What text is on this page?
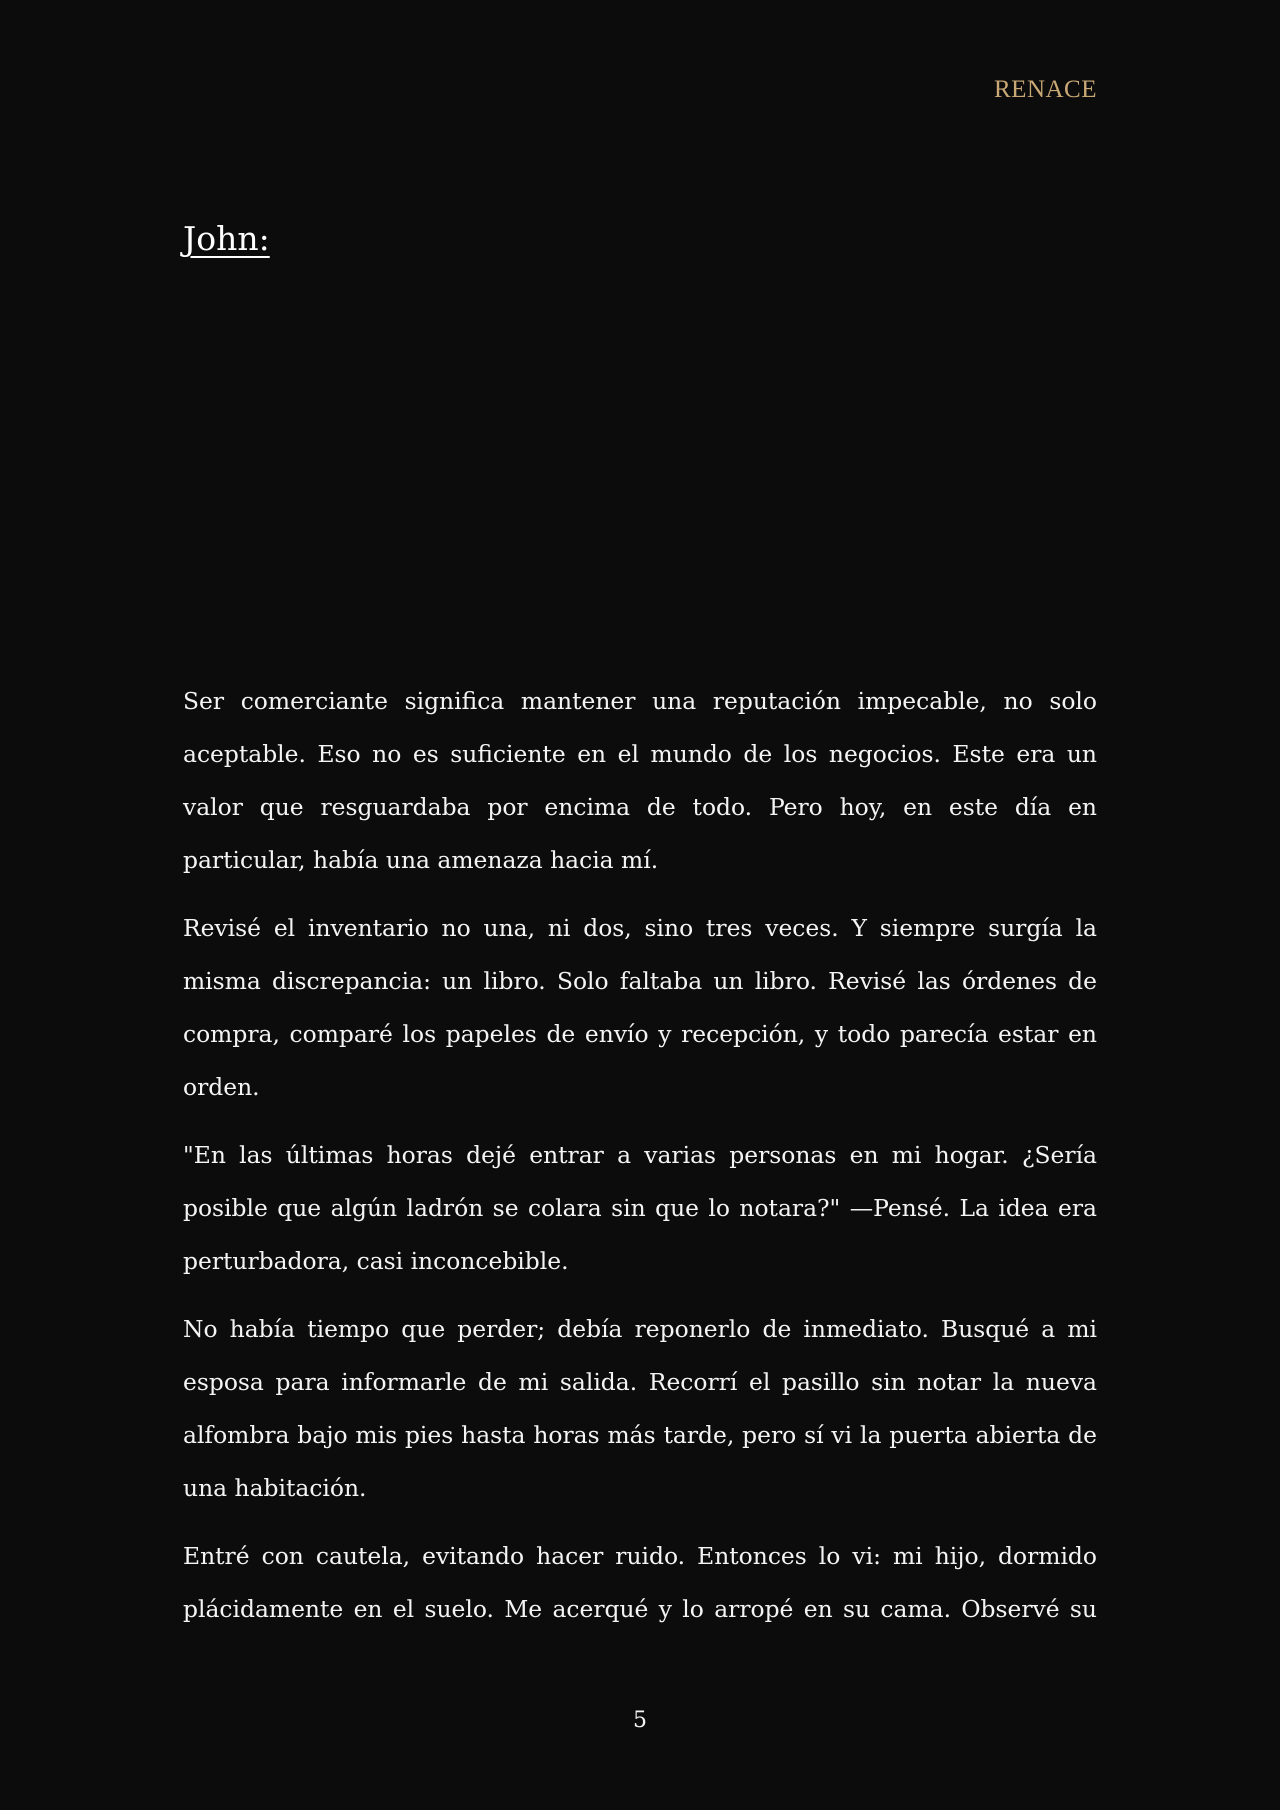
RENACE
John:

Ser comerciante significa mantener una reputación impecable, no solo aceptable. Eso no es suficiente en el mundo de los negocios. Este era un valor que resguardaba por encima de todo. Pero hoy, en este día en particular, había una amenaza hacia mí.

Revisé el inventario no una, ni dos, sino tres veces. Y siempre surgía la misma discrepancia: un libro. Solo faltaba un libro. Revisé las órdenes de compra, comparé los papeles de envío y recepción, y todo parecía estar en orden.

"En las últimas horas dejé entrar a varias personas en mi hogar. ¿Sería posible que algún ladrón se colara sin que lo notara?" —Pensé. La idea era perturbadora, casi inconcebible.

No había tiempo que perder; debía reponerlo de inmediato. Busqué a mi esposa para informarle de mi salida. Recorrí el pasillo sin notar la nueva alfombra bajo mis pies hasta horas más tarde, pero sí vi la puerta abierta de una habitación.

Entré con cautela, evitando hacer ruido. Entonces lo vi: mi hijo, dormido plácidamente en el suelo. Me acerqué y lo arropé en su cama. Observé su

5
